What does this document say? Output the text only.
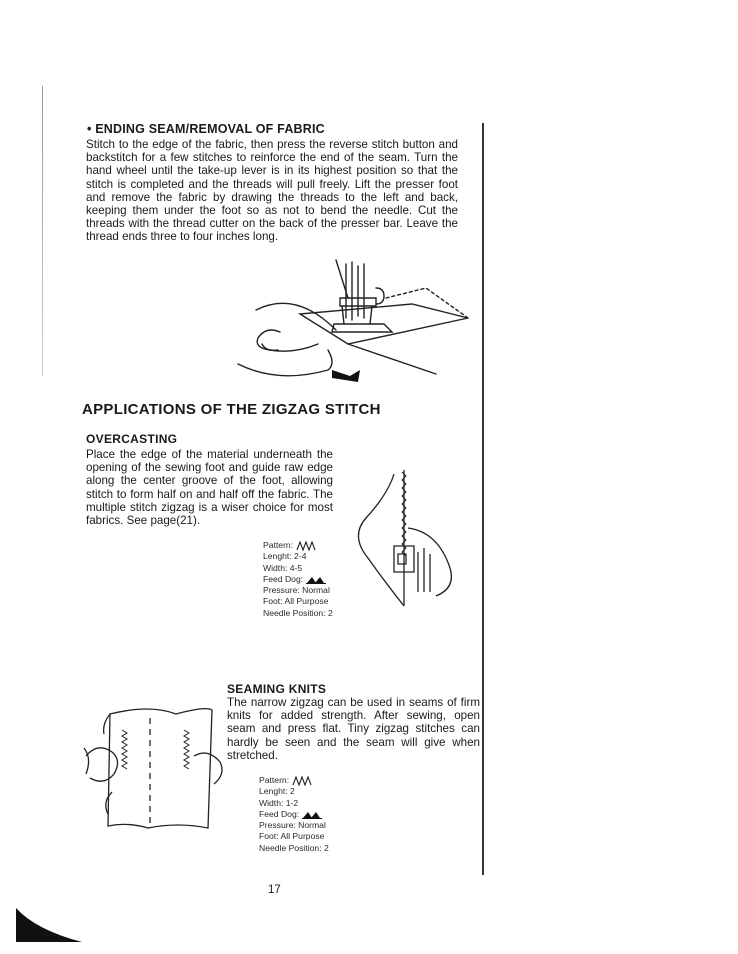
• ENDING SEAM/REMOVAL OF FABRIC
Stitch to the edge of the fabric, then press the reverse stitch button and backstitch for a few stitches to reinforce the end of the seam. Turn the hand wheel until the take-up lever is in its highest position so that the stitch is completed and the threads will pull freely. Lift the presser foot and remove the fabric by drawing the threads to the left and back, keeping them under the foot so as not to bend the needle. Cut the threads with the thread cutter on the back of the presser bar. Leave the thread ends three to four inches long.
APPLICATIONS OF THE ZIGZAG STITCH
OVERCASTING
Place the edge of the material underneath the opening of the sewing foot and guide raw edge along the center groove of the foot, allowing stitch to form half on and half off the fabric. The multiple stitch zigzag is a wiser choice for most fabrics. See page(21).
Pattern:
Lenght: 2-4
Width: 4-5
Feed Dog:
Pressure: Normal
Foot: All Purpose
Needle Position: 2
SEAMING KNITS
The narrow zigzag can be used in seams of firm knits for added strength. After sewing, open seam and press flat. Tiny zigzag stitches can hardly be seen and the seam will give when stretched.
Pattern:
Lenght: 2
Width: 1-2
Feed Dog:
Pressure: Normal
Foot: All Purpose
Needle Position: 2
17
